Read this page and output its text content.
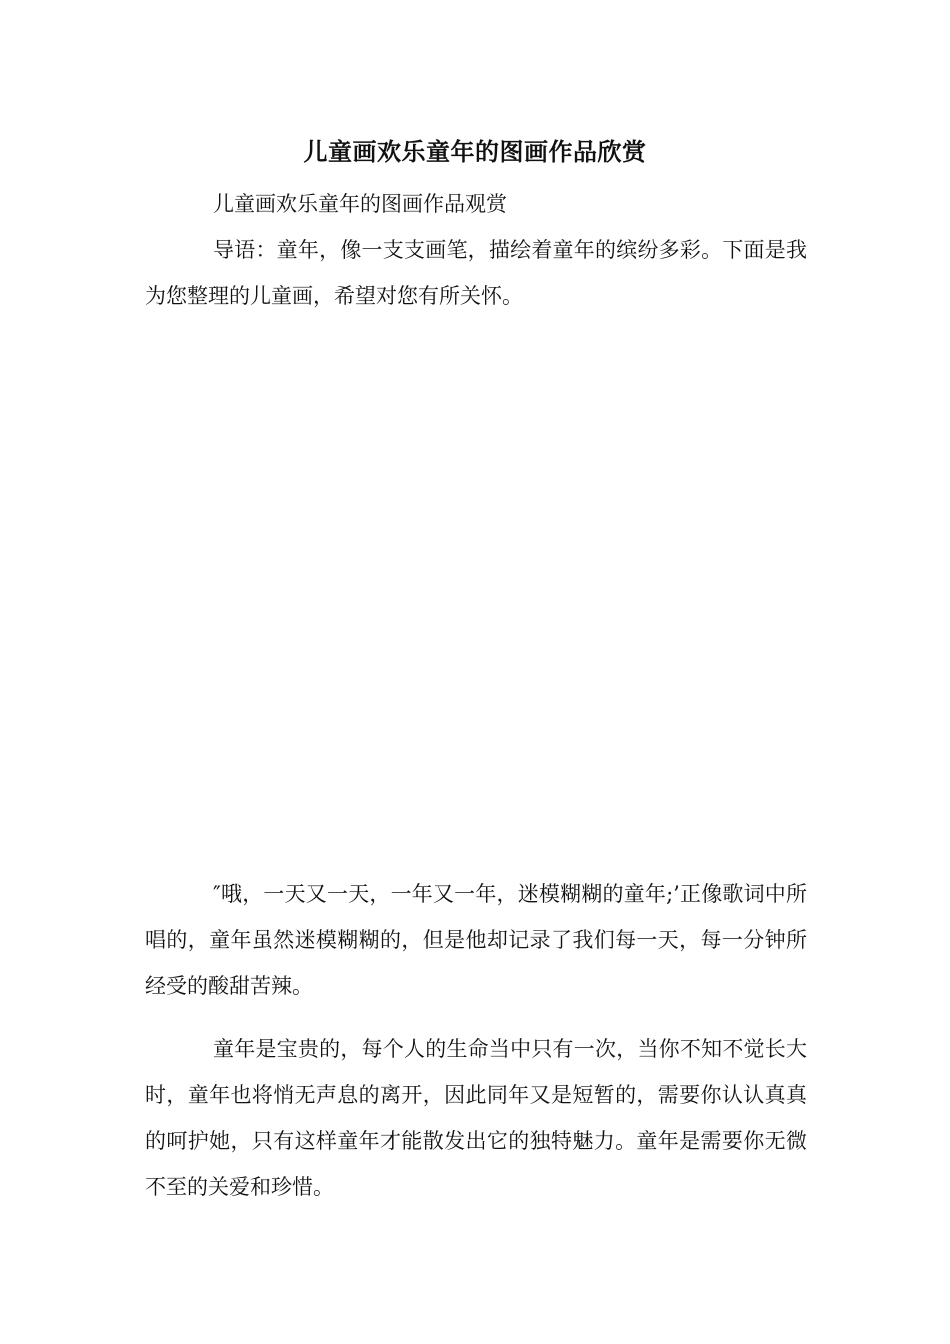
儿童画欢乐童年的图画作品欣赏

儿童画欢乐童年的图画作品观赏

导语：童年，像一支支画笔，描绘着童年的缤纷多彩。下面是我为您整理的儿童画，希望对您有所关怀。

″哦，一天又一天，一年又一年，迷模糊糊的童年;’正像歌词中所唱的，童年虽然迷模糊糊的，但是他却记录了我们每一天，每一分钟所经受的酸甜苦辣。

童年是宝贵的，每个人的生命当中只有一次，当你不知不觉长大时，童年也将悄无声息的离开，因此同年又是短暂的，需要你认认真真的呵护她，只有这样童年才能散发出它的独特魅力。童年是需要你无微不至的关爱和珍惜。
